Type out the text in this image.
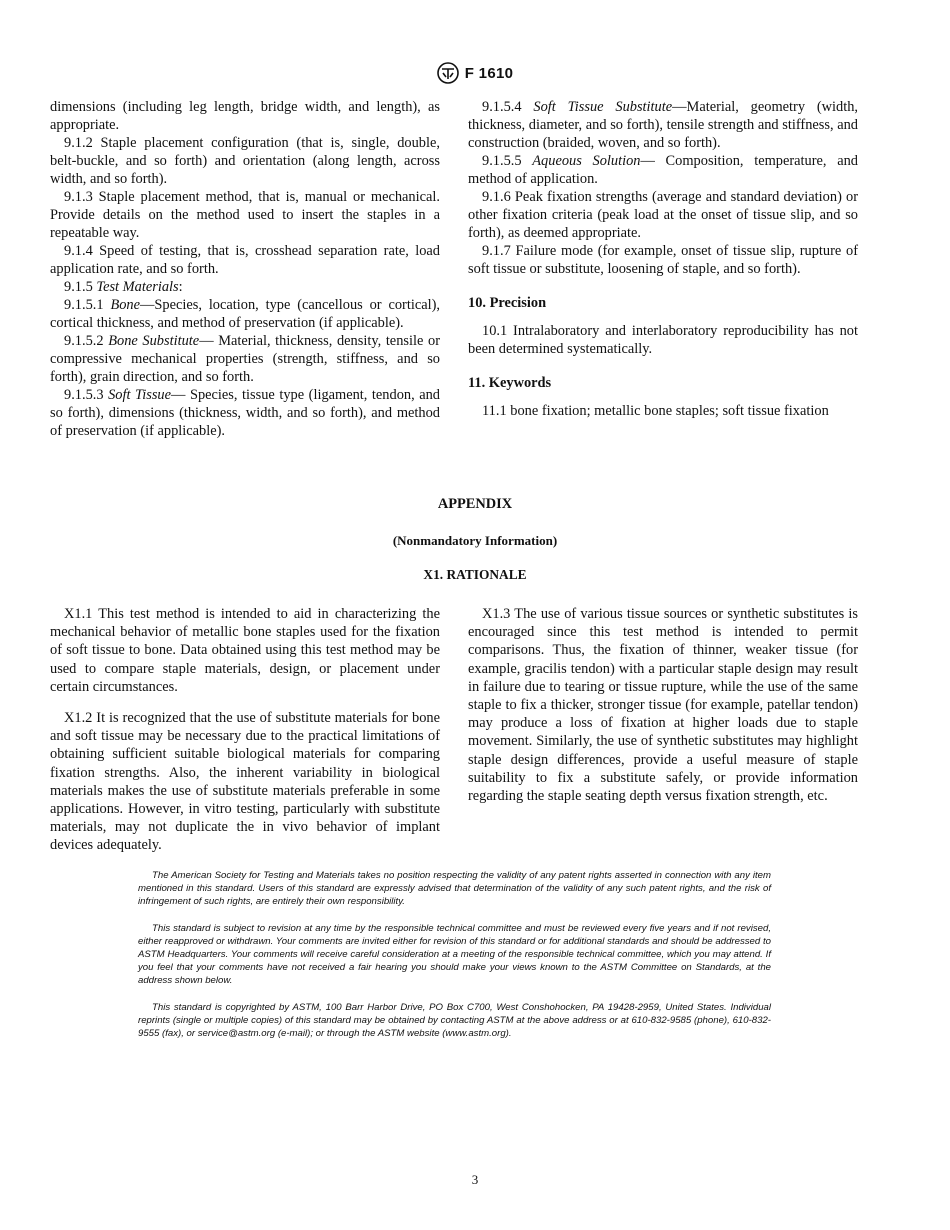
F 1610

dimensions (including leg length, bridge width, and length), as appropriate.

9.1.2 Staple placement configuration (that is, single, double, belt-buckle, and so forth) and orientation (along length, across width, and so forth).

9.1.3 Staple placement method, that is, manual or mechanical. Provide details on the method used to insert the staples in a repeatable way.

9.1.4 Speed of testing, that is, crosshead separation rate, load application rate, and so forth.

9.1.5 Test Materials:

9.1.5.1 Bone—Species, location, type (cancellous or cortical), cortical thickness, and method of preservation (if applicable).

9.1.5.2 Bone Substitute— Material, thickness, density, tensile or compressive mechanical properties (strength, stiffness, and so forth), grain direction, and so forth.

9.1.5.3 Soft Tissue— Species, tissue type (ligament, tendon, and so forth), dimensions (thickness, width, and so forth), and method of preservation (if applicable).

9.1.5.4 Soft Tissue Substitute—Material, geometry (width, thickness, diameter, and so forth), tensile strength and stiffness, and construction (braided, woven, and so forth).

9.1.5.5 Aqueous Solution— Composition, temperature, and method of application.

9.1.6 Peak fixation strengths (average and standard deviation) or other fixation criteria (peak load at the onset of tissue slip, and so forth), as deemed appropriate.

9.1.7 Failure mode (for example, onset of tissue slip, rupture of soft tissue or substitute, loosening of staple, and so forth).

10. Precision

10.1 Intralaboratory and interlaboratory reproducibility has not been determined systematically.

11. Keywords

11.1 bone fixation; metallic bone staples; soft tissue fixation

APPENDIX
(Nonmandatory Information)
X1. RATIONALE

X1.1 This test method is intended to aid in characterizing the mechanical behavior of metallic bone staples used for the fixation of soft tissue to bone. Data obtained using this test method may be used to compare staple materials, design, or placement under certain circumstances.

X1.2 It is recognized that the use of substitute materials for bone and soft tissue may be necessary due to the practical limitations of obtaining sufficient suitable biological materials for comparing fixation strengths. Also, the inherent variability in biological materials makes the use of substitute materials preferable in some applications. However, in vitro testing, particularly with substitute materials, may not duplicate the in vivo behavior of implant devices adequately.

X1.3 The use of various tissue sources or synthetic substitutes is encouraged since this test method is intended to permit comparisons. Thus, the fixation of thinner, weaker tissue (for example, gracilis tendon) with a particular staple design may result in failure due to tearing or tissue rupture, while the use of the same staple to fix a thicker, stronger tissue (for example, patellar tendon) may produce a loss of fixation at higher loads due to staple movement. Similarly, the use of synthetic substitutes may highlight staple design differences, provide a useful measure of staple suitability to fix a substitute safely, or provide information regarding the staple seating depth versus fixation strength, etc.

The American Society for Testing and Materials takes no position respecting the validity of any patent rights asserted in connection with any item mentioned in this standard. Users of this standard are expressly advised that determination of the validity of any such patent rights, and the risk of infringement of such rights, are entirely their own responsibility.

This standard is subject to revision at any time by the responsible technical committee and must be reviewed every five years and if not revised, either reapproved or withdrawn. Your comments are invited either for revision of this standard or for additional standards and should be addressed to ASTM Headquarters. Your comments will receive careful consideration at a meeting of the responsible technical committee, which you may attend. If you feel that your comments have not received a fair hearing you should make your views known to the ASTM Committee on Standards, at the address shown below.

This standard is copyrighted by ASTM, 100 Barr Harbor Drive, PO Box C700, West Conshohocken, PA 19428-2959, United States. Individual reprints (single or multiple copies) of this standard may be obtained by contacting ASTM at the above address or at 610-832-9585 (phone), 610-832-9555 (fax), or service@astm.org (e-mail); or through the ASTM website (www.astm.org).

3
